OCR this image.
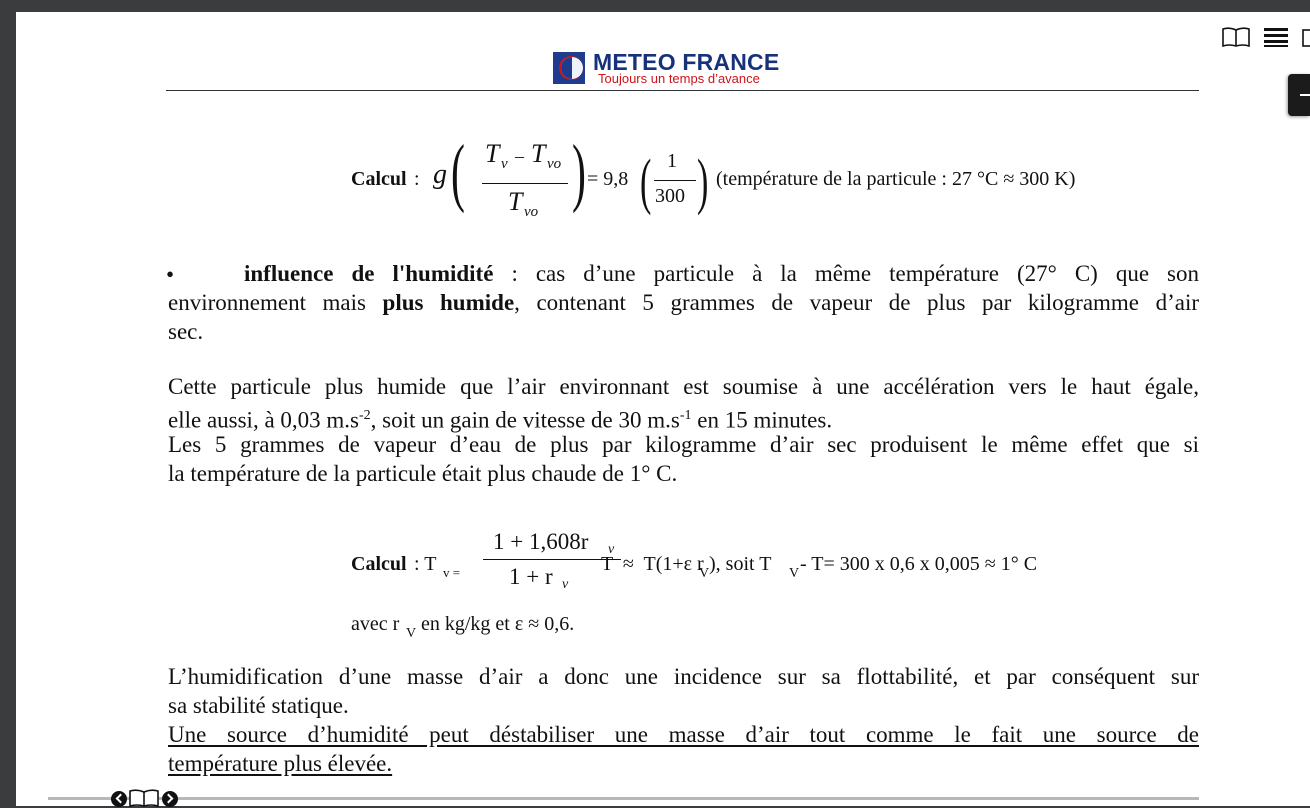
METEO FRANCE
Toujours un temps d’avance
Calcul : g ( T v – T vo
T vo ) = 9,8 ( 1
300 ) (température de la particule : 27 °C ≈ 300 K)
•	influence de l'humidité : cas d’une particule à la même température (27° C) que son
environnement mais plus humide, contenant 5 grammes de vapeur de plus par kilogramme d’air
sec.
Cette particule plus humide que l’air environnant est soumise à une accélération vers le haut égale,
elle aussi, à 0,03 $m.s^{-2}$, soit un gain de vitesse de 30 $m.s^{-1}$ en 15 minutes.
Les 5 grammes de vapeur d’eau de plus par kilogramme d’air sec produisent le même effet que si
la température de la particule était plus chaude de 1° C.
Calcul : T v =
1 + 1,608r v
1 + r v
T  ≈  T(1+ε r
V ), soit T V - T= 300 x 0,6 x 0,005 ≈ 1° C
avec r V en kg/kg et ε ≈ 0,6.
L’humidification d’une masse d’air a donc une incidence sur sa flottabilité, et par conséquent sur
sa stabilité statique.
Une source d’humidité peut déstabiliser une masse d’air tout comme le fait une source de
température plus élevée.
